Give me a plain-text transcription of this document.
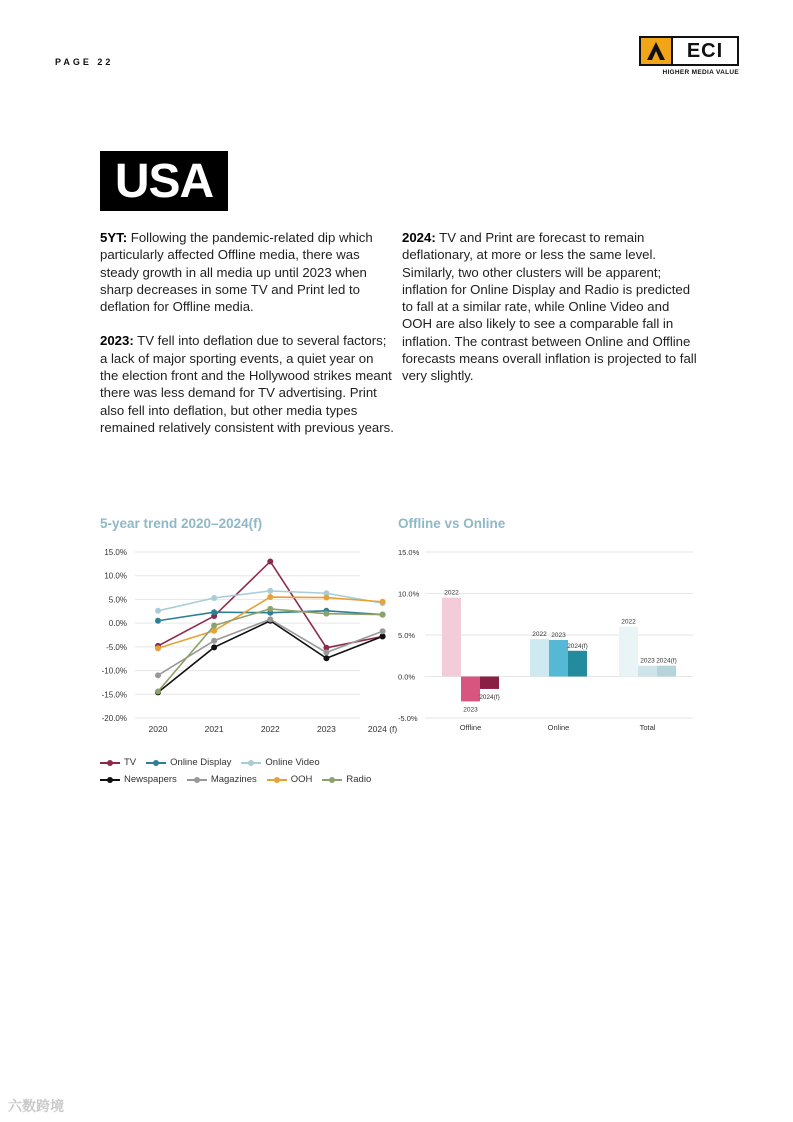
PAGE 22
ECI
HIGHER MEDIA VALUE
USA

5YT: Following the pandemic-related dip which particularly affected Offline media, there was steady growth in all media up until 2023 when sharp decreases in some TV and Print led to deflation for Offline media.

2023: TV fell into deflation due to several factors; a lack of major sporting events, a quiet year on the election front and the Hollywood strikes meant there was less demand for TV advertising. Print also fell into deflation, but other media types remained relatively consistent with previous years.

2024: TV and Print are forecast to remain deflationary, at more or less the same level. Similarly, two other clusters will be apparent; inflation for Online Display and Radio is predicted to fall at a similar rate, while Online Video and OOH are also likely to see a comparable fall in inflation. The contrast between Online and Offline forecasts means overall inflation is projected to fall very slightly.

5-year trend 2020–2024(f)	Offline vs Online
15.0%
10.0%
5.0%
0.0%
-5.0%
-10.0%
-15.0%
-20.0%
2020	2021	2022	2023	2024 (f)
15.0%
10.0%
5.0%
0.0%
-5.0%
2022
2023
2024(f)
Offline
2022 2023
2024(f)
Online
2022
2023 2024(f)
Total
TV	Online Display	Online Video
Newspapers	Magazines	OOH	Radio
六数跨境
